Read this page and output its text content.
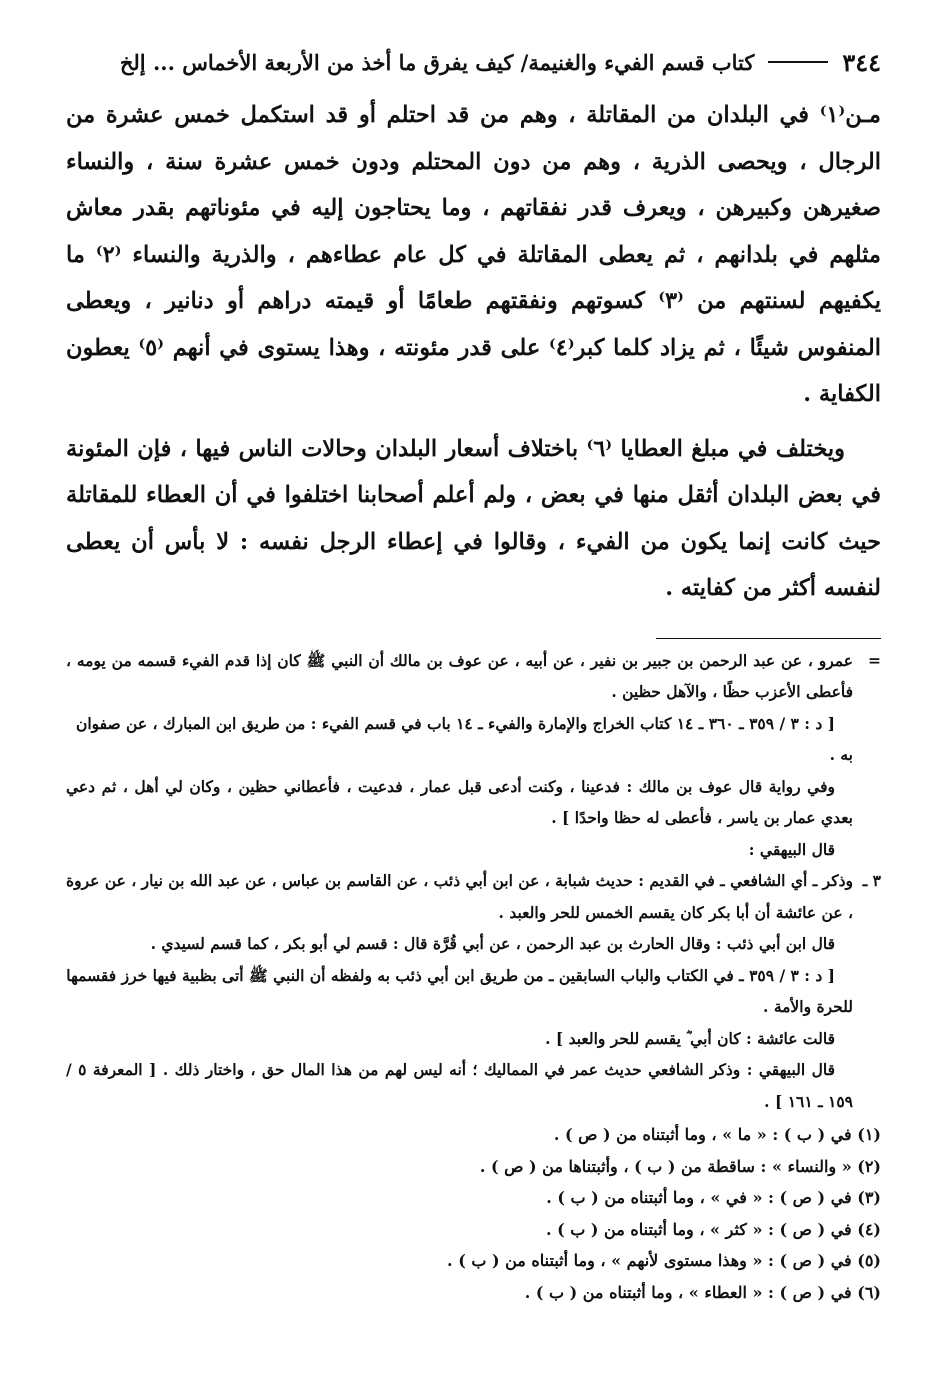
٣٤٤
كتاب قسم الفيء والغنيمة/ كيف يفرق ما أخذ من الأربعة الأخماس ... إلخ

مـن⁽١⁾ في البلدان من المقاتلة ، وهم من قد احتلم أو قد استكمل خمس عشرة من الرجال ، ويحصى الذرية ، وهم من دون المحتلم ودون خمس عشرة سنة ، والنساء صغيرهن وكبيرهن ، ويعرف قدر نفقاتهم ، وما يحتاجون إليه في مئوناتهم بقدر معاش مثلهم في بلدانهم ، ثم يعطى المقاتلة في كل عام عطاءهم ، والذرية والنساء ⁽٢⁾ ما يكفيهم لسنتهم من ⁽٣⁾ كسوتهم ونفقتهم طعامًا أو قيمته دراهم أو دنانير ، ويعطى المنفوس شيئًا ، ثم يزاد كلما كبر⁽٤⁾ على قدر مئونته ، وهذا يستوى في أنهم ⁽٥⁾ يعطون الكفاية .

ويختلف في مبلغ العطايا ⁽٦⁾ باختلاف أسعار البلدان وحالات الناس فيها ، فإن المئونة في بعض البلدان أثقل منها في بعض ، ولم أعلم أصحابنا اختلفوا في أن العطاء للمقاتلة حيث كانت إنما يكون من الفيء ، وقالوا في إعطاء الرجل نفسه : لا بأس أن يعطى لنفسه أكثر من كفايته .

=
عمرو ، عن عبد الرحمن بن جبير بن نفير ، عن أبيه ، عن عوف بن مالك أن النبي ﷺ كان إذا قدم الفيء قسمه من يومه ، فأعطى الأعزب حظًا ، والآهل حظين .
[ د : ٣ / ٣٥٩ ـ ٣٦٠ ـ ١٤ كتاب الخراج والإمارة والفيء ـ ١٤ باب في قسم الفيء : من طريق ابن المبارك ، عن صفوان به .
وفي رواية قال عوف بن مالك : فدعينا ، وكنت أدعى قبل عمار ، فدعيت ، فأعطاني حظين ، وكان لي أهل ، ثم دعي بعدي عمار بن ياسر ، فأعطى له حظا واحدًا ] .
قال البيهقي :
٣ ـ
وذكر ـ أي الشافعي ـ في القديم : حديث شبابة ، عن ابن أبي ذئب ، عن القاسم بن عباس ، عن عبد الله بن نيار ، عن عروة ، عن عائشة أن أبا بكر كان يقسم الخمس للحر والعبد .
قال ابن أبي ذئب : وقال الحارث بن عبد الرحمن ، عن أبي قُرَّة قال : قسم لي أبو بكر ، كما قسم لسيدي .
[ د : ٣ / ٣٥٩ ـ في الكتاب والباب السابقين ـ من طريق ابن أبي ذئب به ولفظه أن النبي ﷺ أتى بظبية فيها خرز فقسمها للحرة والأمة .
قالت عائشة : كان أبي ؓ يقسم للحر والعبد ] .
قال البيهقي : وذكر الشافعي حديث عمر في المماليك ؛ أنه ليس لهم من هذا المال حق ، واختار ذلك . [ المعرفة ٥ / ١٥٩ ـ ١٦١ ] .
(١) في ( ب ) : « ما » ، وما أثبتناه من ( ص ) .
(٢) « والنساء » : ساقطة من ( ب ) ، وأثبتناها من ( ص ) .
(٣) في ( ص ) : « في » ، وما أثبتناه من ( ب ) .
(٤) في ( ص ) : « كثر » ، وما أثبتناه من ( ب ) .
(٥) في ( ص ) : « وهذا مستوى لأنهم » ، وما أثبتناه من ( ب ) .
(٦) في ( ص ) : « العطاء » ، وما أثبتناه من ( ب ) .
